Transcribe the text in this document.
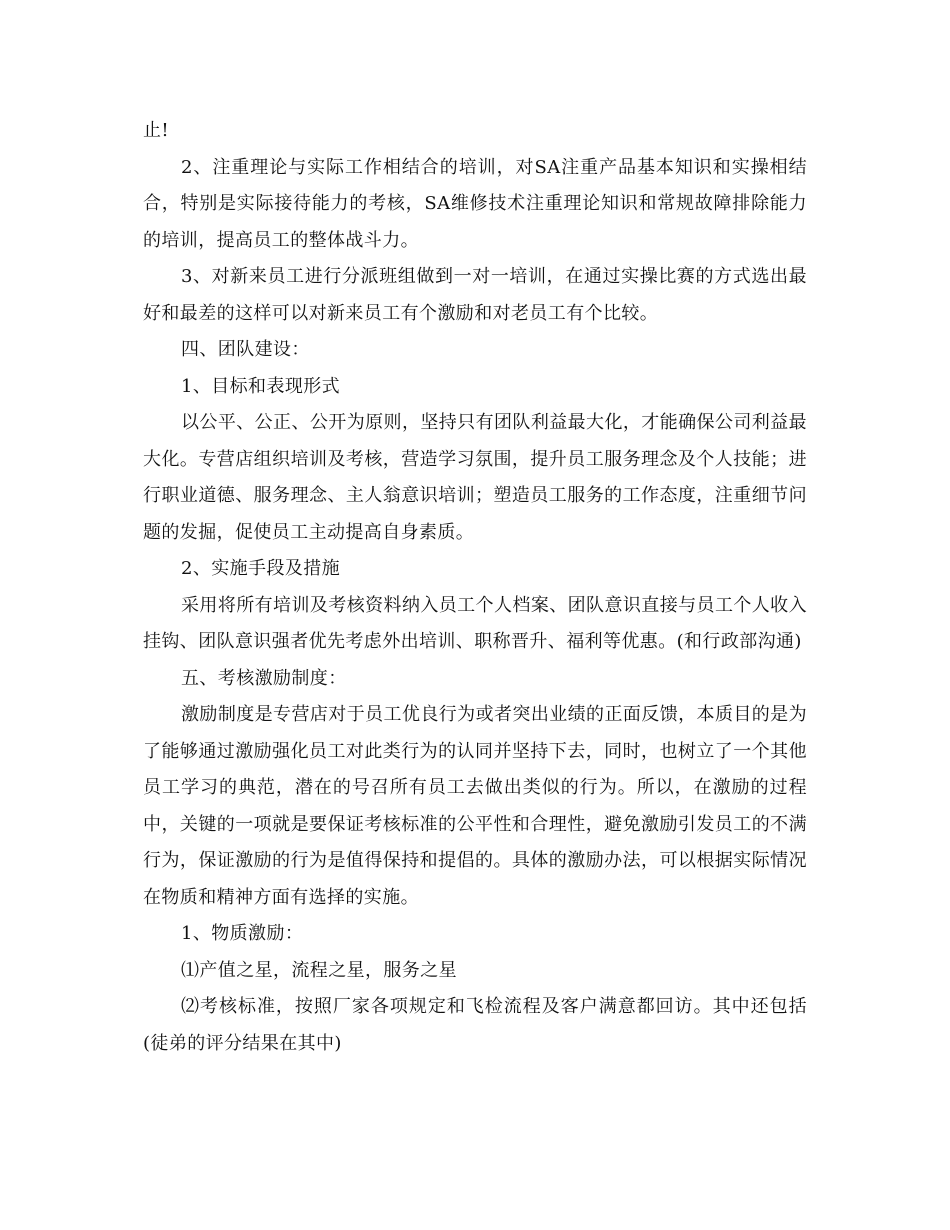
止!

2、注重理论与实际工作相结合的培训，对SA注重产品基本知识和实操相结合，特别是实际接待能力的考核，SA维修技术注重理论知识和常规故障排除能力的培训，提高员工的整体战斗力。

3、对新来员工进行分派班组做到一对一培训，在通过实操比赛的方式选出最好和最差的这样可以对新来员工有个激励和对老员工有个比较。

四、团队建设：

1、目标和表现形式

以公平、公正、公开为原则，坚持只有团队利益最大化，才能确保公司利益最大化。专营店组织培训及考核，营造学习氛围，提升员工服务理念及个人技能；进行职业道德、服务理念、主人翁意识培训；塑造员工服务的工作态度，注重细节问题的发掘，促使员工主动提高自身素质。

2、实施手段及措施

采用将所有培训及考核资料纳入员工个人档案、团队意识直接与员工个人收入挂钩、团队意识强者优先考虑外出培训、职称晋升、福利等优惠。(和行政部沟通)

五、考核激励制度：

激励制度是专营店对于员工优良行为或者突出业绩的正面反馈，本质目的是为了能够通过激励强化员工对此类行为的认同并坚持下去，同时，也树立了一个其他员工学习的典范，潜在的号召所有员工去做出类似的行为。所以，在激励的过程中，关键的一项就是要保证考核标准的公平性和合理性，避免激励引发员工的不满行为，保证激励的行为是值得保持和提倡的。具体的激励办法，可以根据实际情况在物质和精神方面有选择的实施。

1、物质激励：

⑴产值之星，流程之星，服务之星

⑵考核标准，按照厂家各项规定和飞检流程及客户满意都回访。其中还包括(徒弟的评分结果在其中)
